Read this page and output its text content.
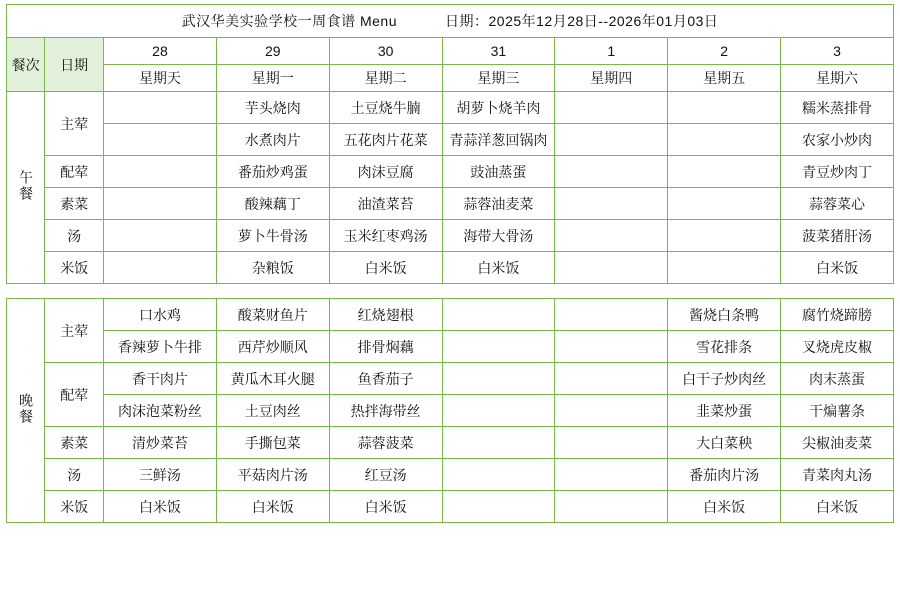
武汉华美实验学校一周食谱 Menu 日期：2025年12月28日--2026年01月03日								

餐次	日期	28	29	30	31	1	2	3
		星期天	星期一	星期二	星期三	星期四	星期五	星期六
午餐	主荤		芋头烧肉	土豆烧牛腩	胡萝卜烧羊肉			糯米蒸排骨
			水煮肉片	五花肉片花菜	青蒜洋葱回锅肉			农家小炒肉
	配荤		番茄炒鸡蛋	肉沫豆腐	豉油蒸蛋			青豆炒肉丁
	素菜		酸辣藕丁	油渣菜苔	蒜蓉油麦菜			蒜蓉菜心
	汤		萝卜牛骨汤	玉米红枣鸡汤	海带大骨汤			菠菜猪肝汤
	米饭		杂粮饭	白米饭	白米饭			白米饭

晚餐	主荤	口水鸡	酸菜财鱼片	红烧翅根			酱烧白条鸭	腐竹烧蹄膀
		香辣萝卜牛排	西芹炒顺风	排骨焖藕			雪花排条	叉烧虎皮椒
	配荤	香干肉片	黄瓜木耳火腿	鱼香茄子			白干子炒肉丝	肉末蒸蛋
		肉沫泡菜粉丝	土豆肉丝	热拌海带丝			韭菜炒蛋	干煸薯条
	素菜	清炒菜苔	手撕包菜	蒜蓉菠菜			大白菜秧	尖椒油麦菜
	汤	三鲜汤	平菇肉片汤	红豆汤			番茄肉片汤	青菜肉丸汤
	米饭	白米饭	白米饭	白米饭			白米饭	白米饭
